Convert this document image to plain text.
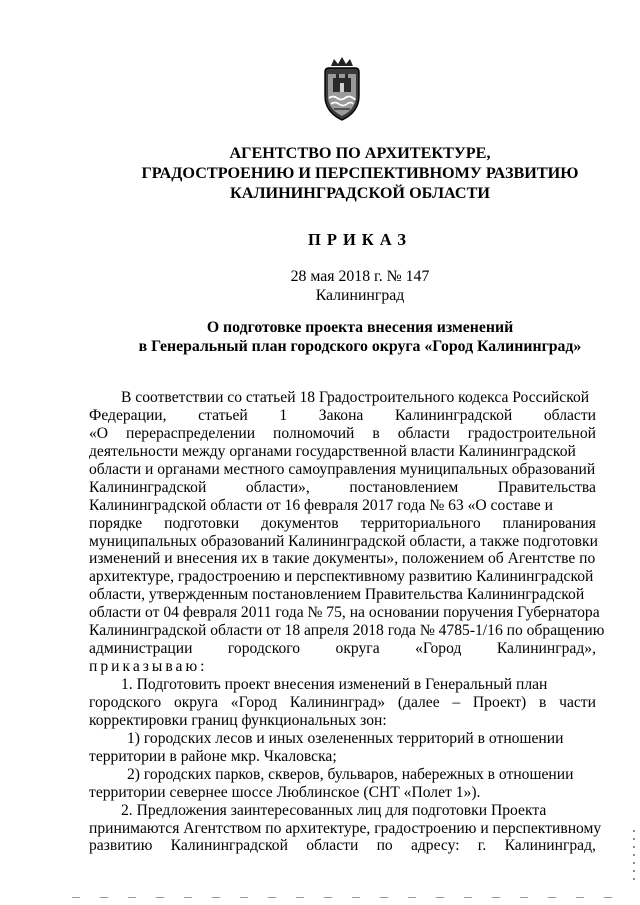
АГЕНТСТВО ПО АРХИТЕКТУРЕ,
ГРАДОСТРОЕНИЮ И ПЕРСПЕКТИВНОМУ РАЗВИТИЮ
КАЛИНИНГРАДСКОЙ ОБЛАСТИ
ПРИКАЗ
28 мая 2018 г. № 147
Калининград
О подготовке проекта внесения изменений
в Генеральный план городского округа «Город Калининград»
В соответствии со статьей 18 Градостроительного кодекса Российской
Федерации, статьей 1 Закона Калининградской области
«О перераспределении полномочий в области градостроительной
деятельности между органами государственной власти Калининградской
области и органами местного самоуправления муниципальных образований
Калининградской	области»,	постановлением	Правительства
Калининградской области от 16 февраля 2017 года № 63 «О составе и
порядке подготовки документов территориального планирования
муниципальных образований Калининградской области, а также подготовки
изменений и внесения их в такие документы», положением об Агентстве по
архитектуре, градостроению и перспективному развитию Калининградской
области, утвержденным постановлением Правительства Калининградской
области от 04 февраля 2011 года № 75, на основании поручения Губернатора
Калининградской области от 18 апреля 2018 года № 4785-1/16 по обращению
администрации городского округа «Город Калининград»,
приказываю:
1. Подготовить проект внесения изменений в Генеральный план
городского округа «Город Калининград» (далее – Проект) в части
корректировки границ функциональных зон:
1) городских лесов и иных озелененных территорий в отношении
территории в районе мкр. Чкаловска;
2) городских парков, скверов, бульваров, набережных в отношении
территории севернее шоссе Люблинское (СНТ «Полет 1»).
2. Предложения заинтересованных лиц для подготовки Проекта
принимаются Агентством по архитектуре, градостроению и перспективному
развитию Калининградской области по адресу: г. Калининград,
